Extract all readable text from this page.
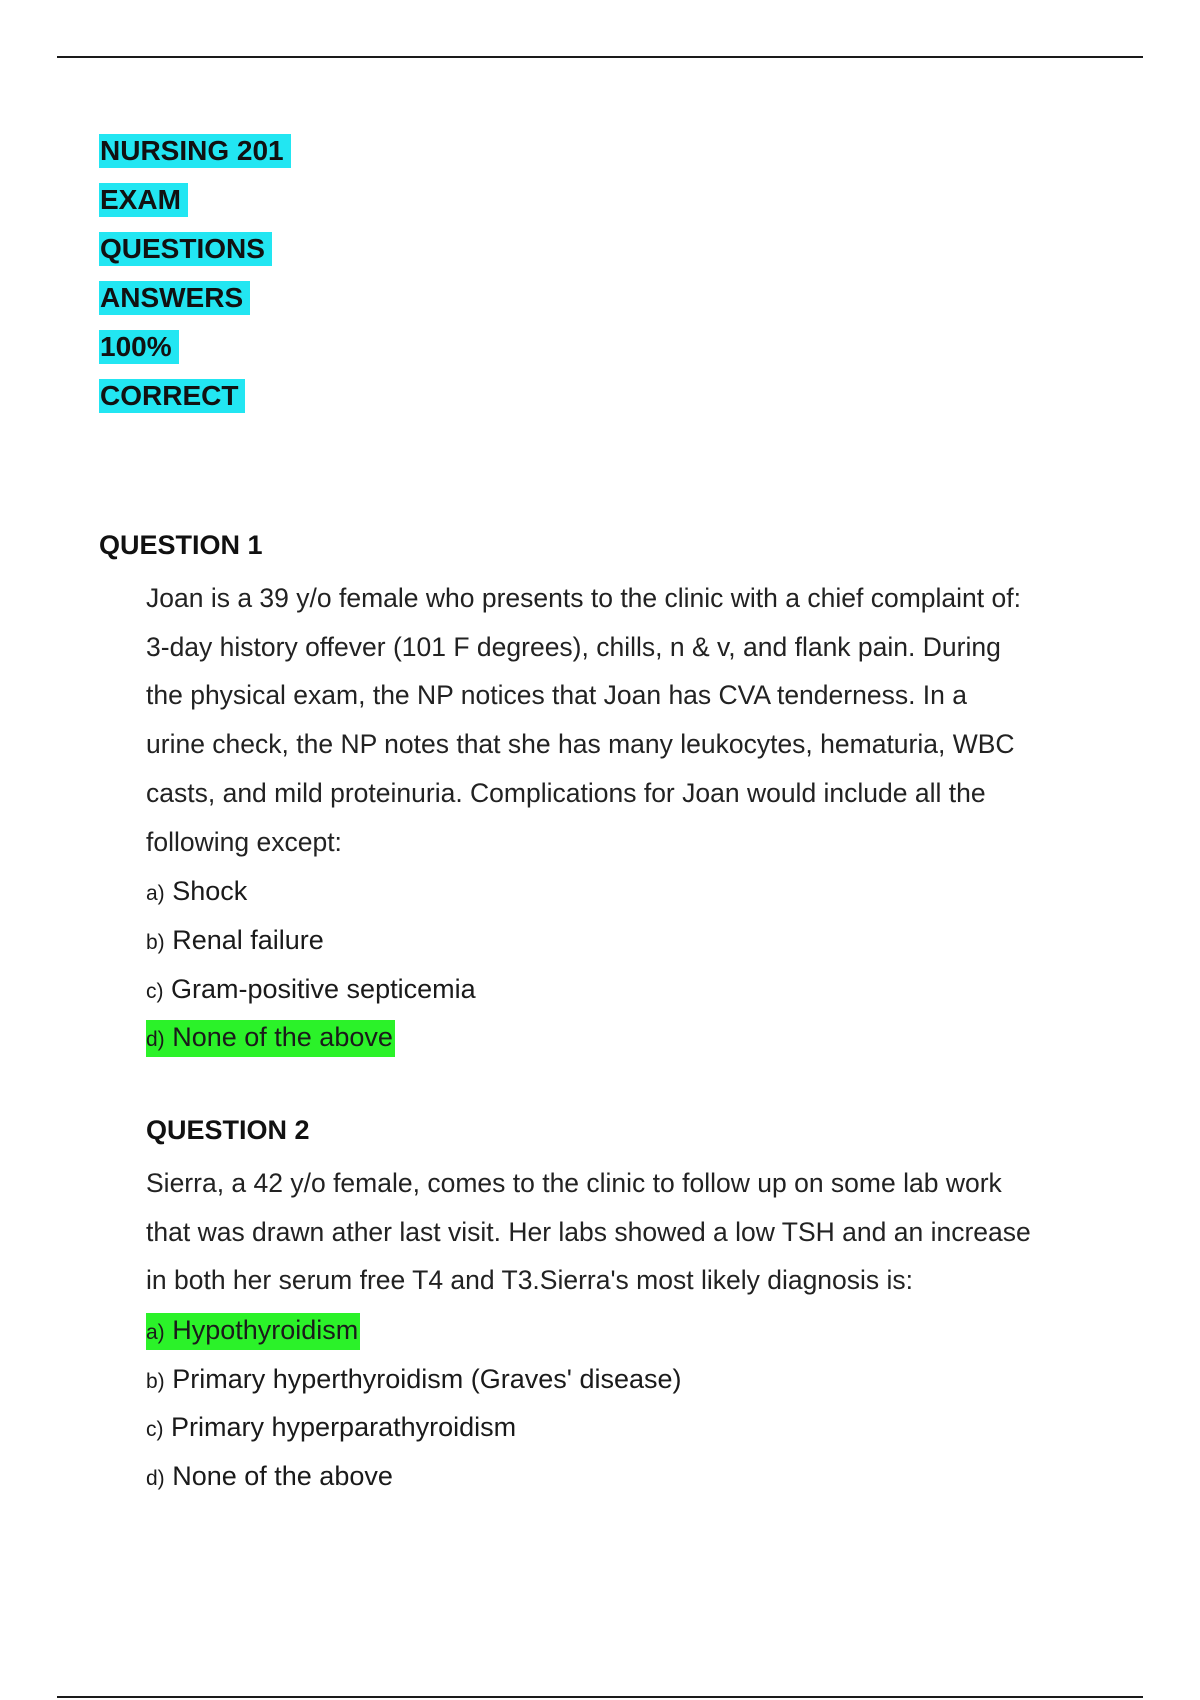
NURSING 201
EXAM
QUESTIONS
ANSWERS
100%
CORRECT
QUESTION 1

Joan is a 39 y/o female who presents to the clinic with a chief complaint of:
3-day history offever (101 F degrees), chills, n & v, and flank pain. During
the physical exam, the NP notices that Joan has CVA tenderness. In a
urine check, the NP notes that she has many leukocytes, hematuria, WBC
casts, and mild proteinuria. Complications for Joan would include all the
following except:

a) Shock
b) Renal failure
c) Gram-positive septicemia
d) None of the above
QUESTION 2

Sierra, a 42 y/o female, comes to the clinic to follow up on some lab work
that was drawn ather last visit. Her labs showed a low TSH and an increase
in both her serum free T4 and T3.Sierra's most likely diagnosis is:

a) Hypothyroidism
b) Primary hyperthyroidism (Graves' disease)
c) Primary hyperparathyroidism
d) None of the above
